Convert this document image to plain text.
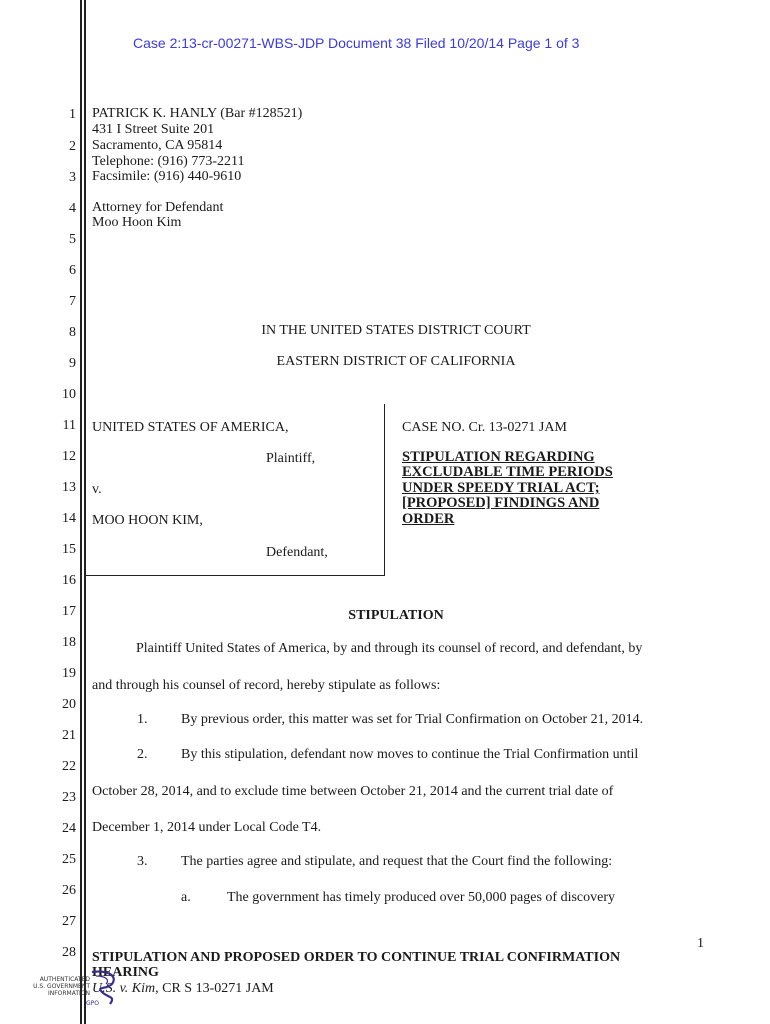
Case 2:13-cr-00271-WBS-JDP Document 38 Filed 10/20/14 Page 1 of 3
1
2
3
4
5
6
7
8
9
10
11
12
13
14
15
16
17
18
19
20
21
22
23
24
25
26
27
28
PATRICK K. HANLY (Bar #128521)
431 I Street Suite 201
Sacramento, CA 95814
Telephone: (916) 773-2211
Facsimile: (916) 440-9610
Attorney for Defendant
Moo Hoon Kim
IN THE UNITED STATES DISTRICT COURT
EASTERN DISTRICT OF CALIFORNIA
UNITED STATES OF AMERICA,
Plaintiff,
v.
MOO HOON KIM,
Defendant,
CASE NO. Cr. 13-0271 JAM
STIPULATION REGARDING
EXCLUDABLE TIME PERIODS
UNDER SPEEDY TRIAL ACT;
[PROPOSED] FINDINGS AND
ORDER
STIPULATION
Plaintiff United States of America, by and through its counsel of record, and defendant, by
and through his counsel of record, hereby stipulate as follows:
1. By previous order, this matter was set for Trial Confirmation on October 21, 2014.
2. By this stipulation, defendant now moves to continue the Trial Confirmation until
October 28, 2014, and to exclude time between October 21, 2014 and the current trial date of
December 1, 2014 under Local Code T4.
3. The parties agree and stipulate, and request that the Court find the following:
a.	The government has timely produced over 50,000 pages of discovery
1
STIPULATION AND PROPOSED ORDER TO CONTINUE TRIAL CONFIRMATION
HEARING
U.S. v. Kim, CR S 13-0271 JAM
AUTHENTICATED
U.S. GOVERNMENT
INFORMATION
GPO
